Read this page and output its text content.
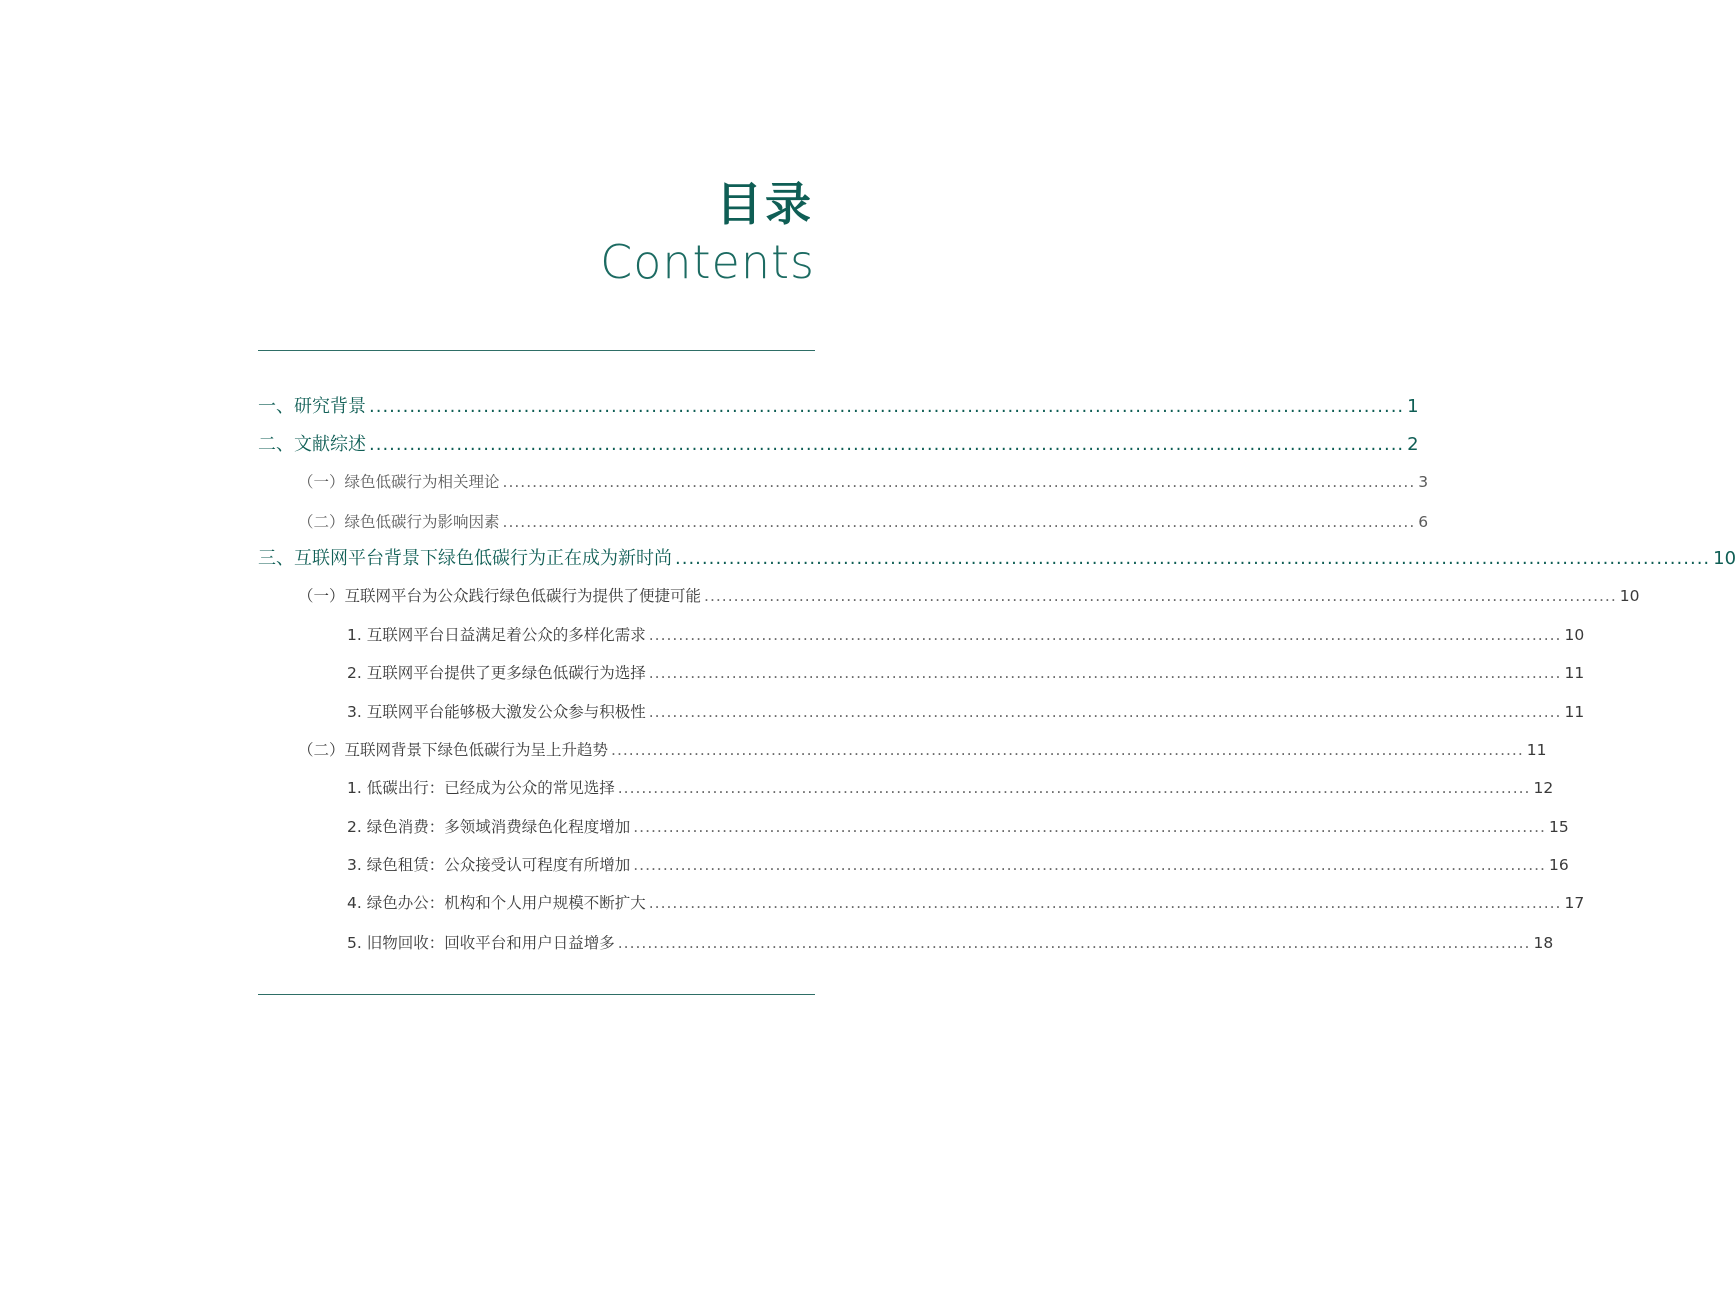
目录
Contents
一、研究背景 .......................................................................................................................................................... 1
二、文献综述 .......................................................................................................................................................... 2
（一）绿色低碳行为相关理论 .......................................................................................................................................................... 3
（二）绿色低碳行为影响因素 .......................................................................................................................................................... 6
三、互联网平台背景下绿色低碳行为正在成为新时尚 .......................................................................................................................................................... 10
（一）互联网平台为公众践行绿色低碳行为提供了便捷可能 .......................................................................................................................................................... 10
1. 互联网平台日益满足着公众的多样化需求 .......................................................................................................................................................... 10
2. 互联网平台提供了更多绿色低碳行为选择 .......................................................................................................................................................... 11
3. 互联网平台能够极大激发公众参与积极性 .......................................................................................................................................................... 11
（二）互联网背景下绿色低碳行为呈上升趋势 .......................................................................................................................................................... 11
1. 低碳出行：已经成为公众的常见选择 .......................................................................................................................................................... 12
2. 绿色消费：多领域消费绿色化程度增加 .......................................................................................................................................................... 15
3. 绿色租赁：公众接受认可程度有所增加 .......................................................................................................................................................... 16
4. 绿色办公：机构和个人用户规模不断扩大 .......................................................................................................................................................... 17
5. 旧物回收：回收平台和用户日益增多 .......................................................................................................................................................... 18
